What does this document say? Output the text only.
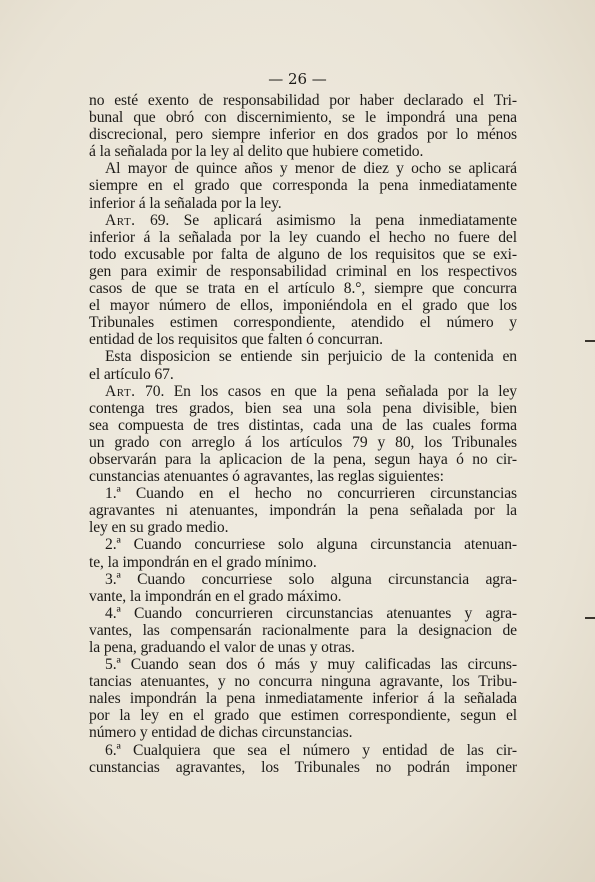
— 26 —

no esté exento de responsabilidad por haber declarado el Tri-

bunal que obró con discernimiento, se le impondrá una pena

discrecional, pero siempre inferior en dos grados por lo ménos

á la señalada por la ley al delito que hubiere cometido.

Al mayor de quince años y menor de diez y ocho se aplicará

siempre en el grado que corresponda la pena inmediatamente

inferior á la señalada por la ley.

Art. 69. Se aplicará asimismo la pena inmediatamente

inferior á la señalada por la ley cuando el hecho no fuere del

todo excusable por falta de alguno de los requisitos que se exi-

gen para eximir de responsabilidad criminal en los respectivos

casos de que se trata en el artículo 8.°, siempre que concurra

el mayor número de ellos, imponiéndola en el grado que los

Tribunales estimen correspondiente, atendido el número y

entidad de los requisitos que falten ó concurran.

Esta disposicion se entiende sin perjuicio de la contenida en

el artículo 67.

Art. 70. En los casos en que la pena señalada por la ley

contenga tres grados, bien sea una sola pena divisible, bien

sea compuesta de tres distintas, cada una de las cuales forma

un grado con arreglo á los artículos 79 y 80, los Tribunales

observarán para la aplicacion de la pena, segun haya ó no cir-

cunstancias atenuantes ó agravantes, las reglas siguientes:

1.ª Cuando en el hecho no concurrieren circunstancias

agravantes ni atenuantes, impondrán la pena señalada por la

ley en su grado medio.

2.ª Cuando concurriese solo alguna circunstancia atenuan-

te, la impondrán en el grado mínimo.

3.ª Cuando concurriese solo alguna circunstancia agra-

vante, la impondrán en el grado máximo.

4.ª Cuando concurrieren circunstancias atenuantes y agra-

vantes, las compensarán racionalmente para la designacion de

la pena, graduando el valor de unas y otras.

5.ª Cuando sean dos ó más y muy calificadas las circuns-

tancias atenuantes, y no concurra ninguna agravante, los Tribu-

nales impondrán la pena inmediatamente inferior á la señalada

por la ley en el grado que estimen correspondiente, segun el

número y entidad de dichas circunstancias.

6.ª Cualquiera que sea el número y entidad de las cir-

cunstancias agravantes, los Tribunales no podrán imponer
